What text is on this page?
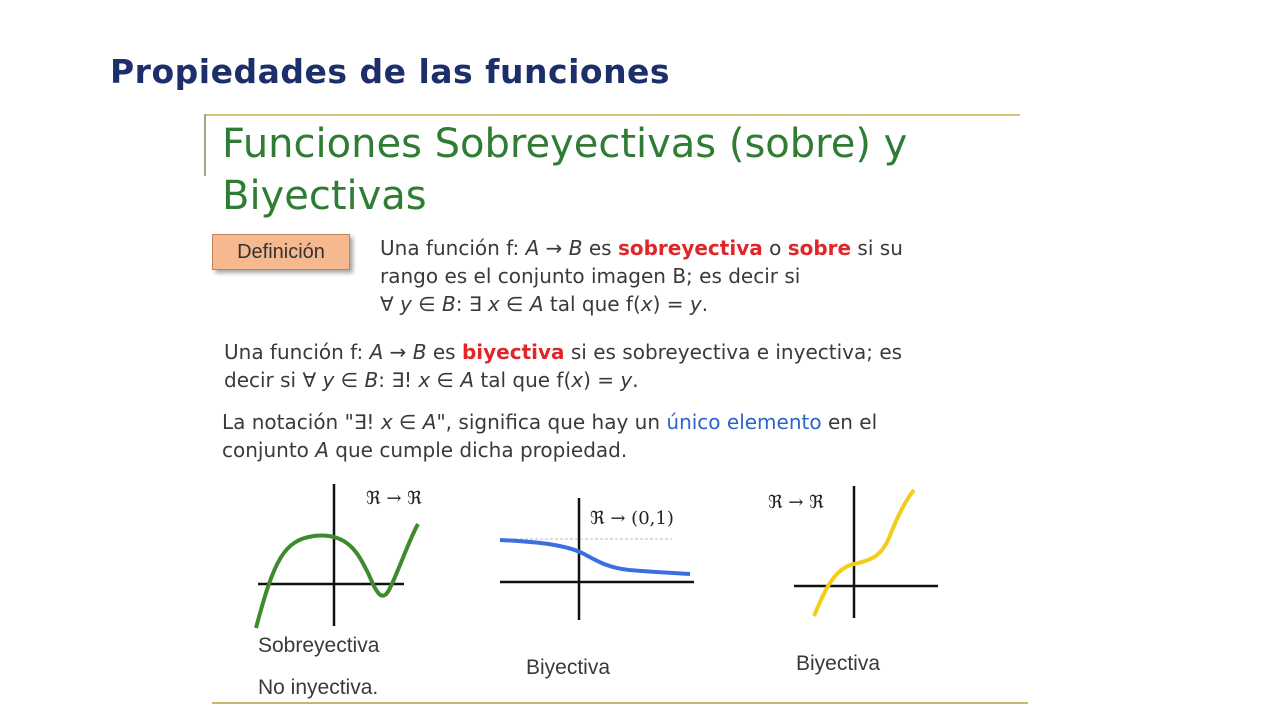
Propiedades de las funciones
Funciones Sobreyectivas (sobre) y
Biyectivas
Definición	Una función f: A → B es sobreyectiva o sobre si su

rango es el conjunto imagen B; es decir si

∀ y ∈ B: ∃ x ∈ A tal que f(x) = y.

Una función f: A → B es biyectiva si es sobreyectiva e inyectiva; es

decir si ∀ y ∈ B: ∃! x ∈ A tal que f(x) = y.

La notación "∃! x ∈ A", significa que hay un único elemento en el

conjunto A que cumple dicha propiedad.

ℜ → ℜ
ℜ → (0,1)
ℜ → ℜ
Sobreyectiva
No inyectiva.
Biyectiva	Biyectiva
